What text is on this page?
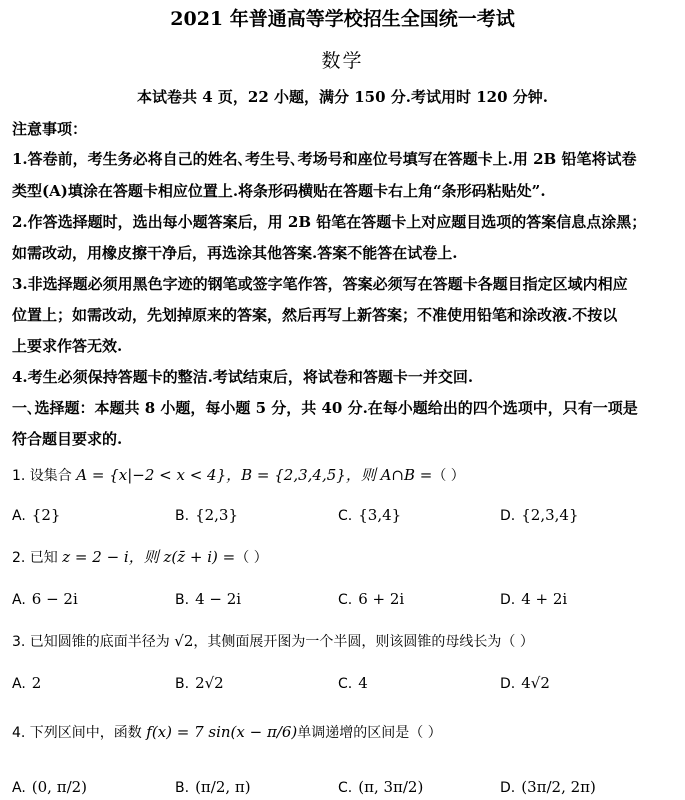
2021 年普通高等学校招生全国统一考试
数学
本试卷共 4 页，22 小题，满分 150 分.考试用时 120 分钟.
注意事项：
1.答卷前，考生务必将自己的姓名､考生号､考场号和座位号填写在答题卡上.用 2B 铅笔将试卷
类型(A)填涂在答题卡相应位置上.将条形码横贴在答题卡右上角“条形码粘贴处”.
2.作答选择题时，选出每小题答案后，用 2B 铅笔在答题卡上对应题目选项的答案信息点涂黑；
如需改动，用橡皮擦干净后，再选涂其他答案.答案不能答在试卷上.
3.非选择题必须用黑色字迹的钢笔或签字笔作答，答案必须写在答题卡各题目指定区域内相应
位置上；如需改动，先划掉原来的答案，然后再写上新答案；不准使用铅笔和涂改液.不按以
上要求作答无效.
4.考生必须保持答题卡的整洁.考试结束后，将试卷和答题卡一并交回.
一､选择题：本题共 8 小题，每小题 5 分，共 40 分.在每小题给出的四个选项中，只有一项是
符合题目要求的.
1. 设集合 A = {x|−2 < x < 4}，B = {2,3,4,5}，则 A∩B =（ ）
A. {2}	B. {2,3}	C. {3,4}	D. {2,3,4}
2. 已知 z = 2 − i，则 z(z̄ + i) =（ ）
A. 6 − 2i	B. 4 − 2i	C. 6 + 2i	D. 4 + 2i
3. 已知圆锥的底面半径为 √2，其侧面展开图为一个半圆，则该圆锥的母线长为（ ）
A. 2	B. 2√2	C. 4	D. 4√2
4. 下列区间中，函数 f(x) = 7 sin(x − π/6)单调递增的区间是（ ）
A. (0, π/2)	B. (π/2, π)	C. (π, 3π/2)	D. (3π/2, 2π)
